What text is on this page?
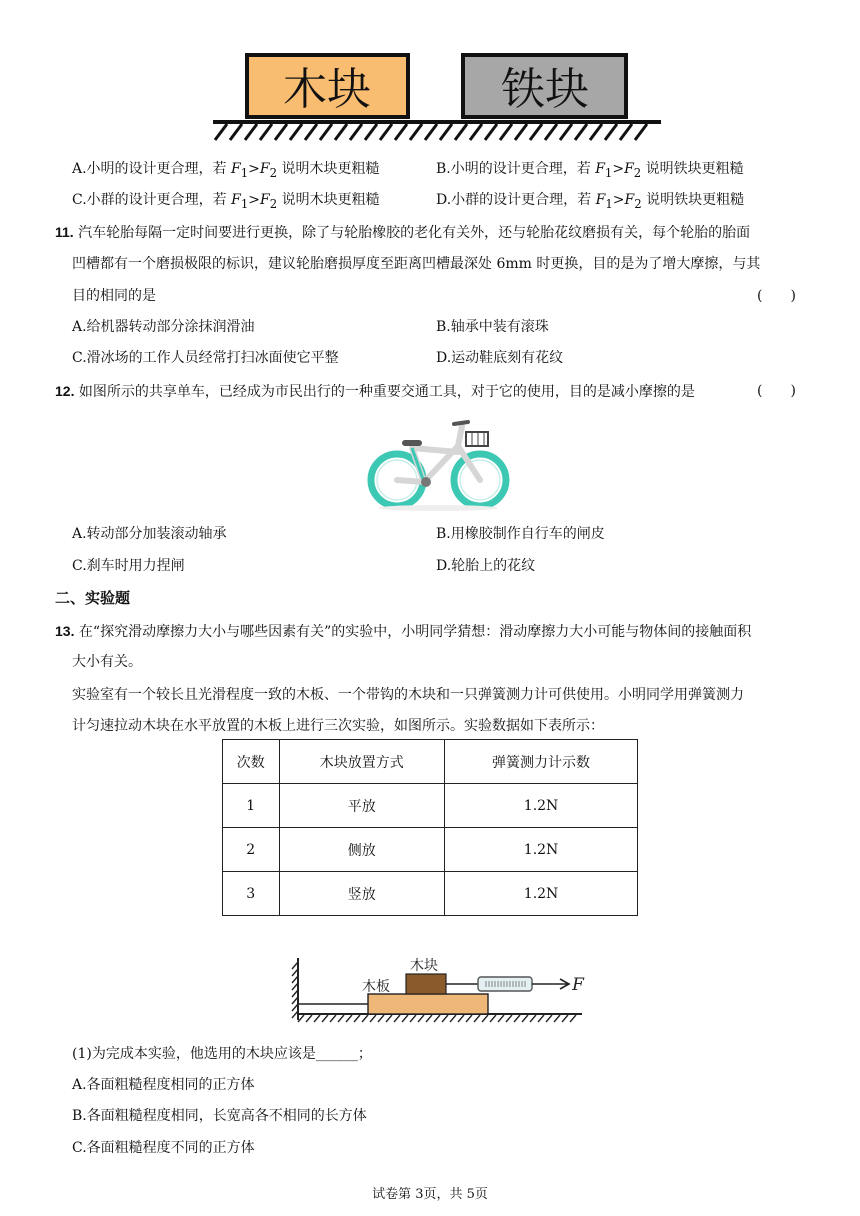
木块	铁块
A.小明的设计更合理，若 $F_1>F_2$ 说明木块更粗糙	B.小明的设计更合理，若 $F_1>F_2$ 说明铁块更粗糙
C.小群的设计更合理，若 $F_1>F_2$ 说明木块更粗糙	D.小群的设计更合理，若 $F_1>F_2$ 说明铁块更粗糙
11. 汽车轮胎每隔一定时间要进行更换，除了与轮胎橡胶的老化有关外，还与轮胎花纹磨损有关，每个轮胎的胎面
凹槽都有一个磨损极限的标识，建议轮胎磨损厚度至距离凹槽最深处 6mm 时更换，目的是为了增大摩擦，与其
目的相同的是	(　　)
A.给机器转动部分涂抹润滑油	B.轴承中装有滚珠
C.滑冰场的工作人员经常打扫冰面使它平整	D.运动鞋底刻有花纹
12. 如图所示的共享单车，已经成为市民出行的一种重要交通工具，对于它的使用，目的是减小摩擦的是	(　　)
A.转动部分加装滚动轴承	B.用橡胶制作自行车的闸皮
C.刹车时用力捏闸	D.轮胎上的花纹
二、实验题
13. 在“探究滑动摩擦力大小与哪些因素有关”的实验中，小明同学猜想：滑动摩擦力大小可能与物体间的接触面积
大小有关。
实验室有一个较长且光滑程度一致的木板、一个带钩的木块和一只弹簧测力计可供使用。小明同学用弹簧测力
计匀速拉动木块在水平放置的木板上进行三次实验，如图所示。实验数据如下表所示：
次数	木块放置方式	弹簧测力计示数
1	平放	1.2N
2	侧放	1.2N
3	竖放	1.2N
木块
木板	F
(1)为完成本实验，他选用的木块应该是______；
A.各面粗糙程度相同的正方体
B.各面粗糙程度相同，长宽高各不相同的长方体
C.各面粗糙程度不同的正方体
试卷第 3页，共 5页
